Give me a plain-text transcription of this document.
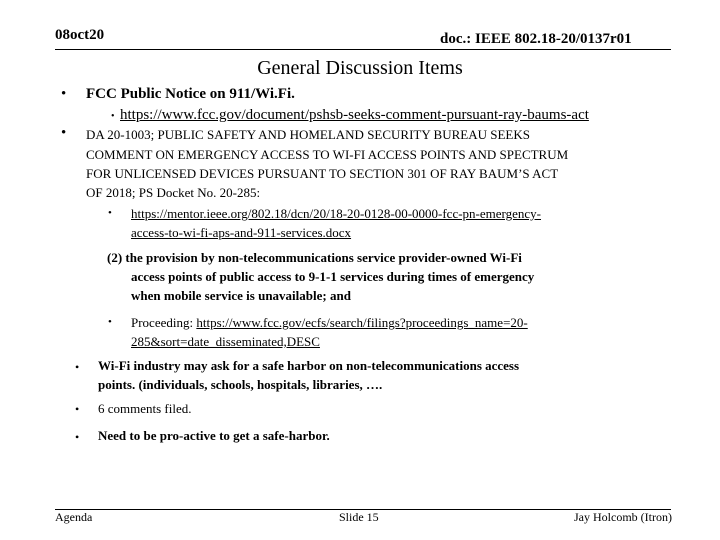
08oct20	doc.: IEEE 802.18-20/0137r01
General Discussion Items
•
FCC Public Notice on 911/Wi.Fi.
• https://www.fcc.gov/document/pshsb-seeks-comment-pursuant-ray-baums-act
•
DA 20-1003; PUBLIC SAFETY AND HOMELAND SECURITY BUREAU SEEKS
COMMENT ON EMERGENCY ACCESS TO WI-FI ACCESS POINTS AND SPECTRUM
FOR UNLICENSED DEVICES PURSUANT TO SECTION 301 OF RAY BAUM’S ACT
OF 2018; PS Docket No. 20-285:
• https://mentor.ieee.org/802.18/dcn/20/18-20-0128-00-0000-fcc-pn-emergency-
access-to-wi-fi-aps-and-911-services.docx
(2) the provision by non-telecommunications service provider-owned Wi-Fi
access points of public access to 9-1-1 services during times of emergency
when mobile service is unavailable; and
• Proceeding: https://www.fcc.gov/ecfs/search/filings?proceedings_name=20-
285&sort=date_disseminated,DESC
• Wi-Fi industry may ask for a safe harbor on non-telecommunications access
points. (individuals, schools, hospitals, libraries, ….
• 6 comments filed.
• Need to be pro-active to get a safe-harbor.
Agenda	Slide 15	Jay Holcomb (Itron)
